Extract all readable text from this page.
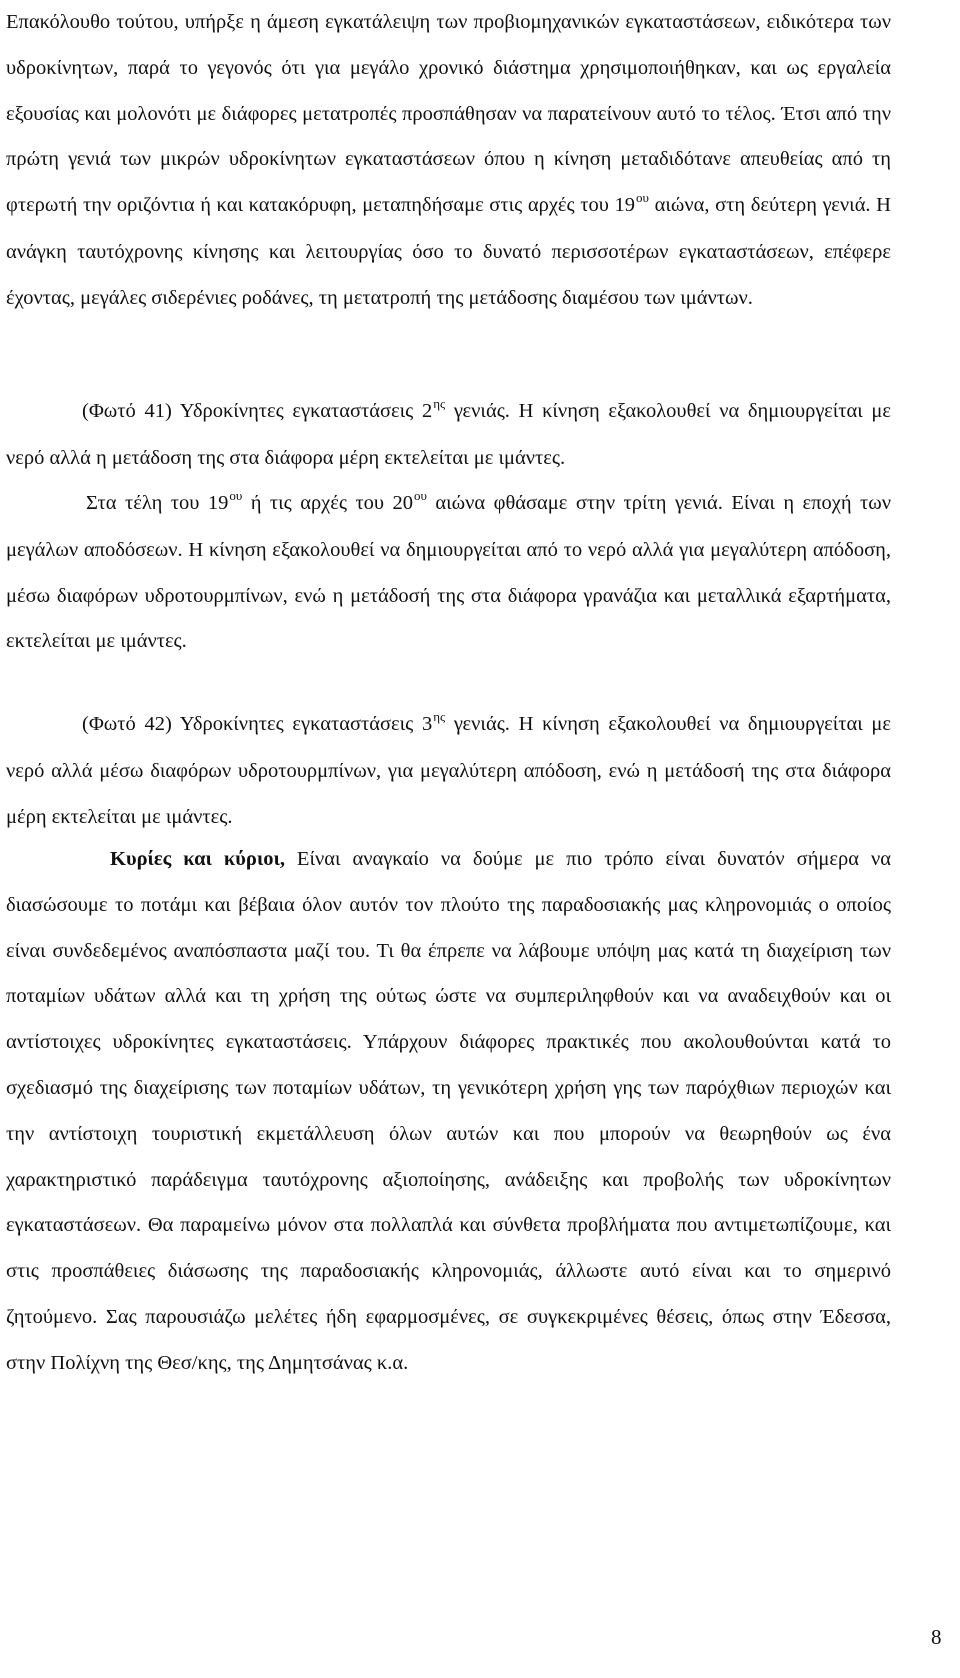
Επακόλουθο τούτου, υπήρξε η άμεση εγκατάλειψη των προβιομηχανικών εγκαταστάσεων, ειδικότερα των υδροκίνητων, παρά το γεγονός ότι για μεγάλο χρονικό διάστημα χρησιμοποιήθηκαν, και ως εργαλεία εξουσίας και μολονότι με διάφορες μετατροπές προσπάθησαν να παρατείνουν αυτό το τέλος. Έτσι από την πρώτη γενιά των μικρών υδροκίνητων εγκαταστάσεων όπου η κίνηση μεταδιδότανε απευθείας από τη φτερωτή την οριζόντια ή και κατακόρυφη, μεταπηδήσαμε στις αρχές του $19^{o\upsilon}$ αιώνα, στη δεύτερη γενιά. Η ανάγκη ταυτόχρονης κίνησης και λειτουργίας όσο το δυνατό περισσοτέρων εγκαταστάσεων, επέφερε έχοντας, μεγάλες σιδερένιες ροδάνες, τη μετατροπή της μετάδοσης διαμέσου των ιμάντων.

(Φωτό 41) Υδροκίνητες εγκαταστάσεις $2^{\eta\varsigma}$ γενιάς. Η κίνηση εξακολουθεί να δημιουργείται με νερό αλλά η μετάδοση της στα διάφορα μέρη εκτελείται με ιμάντες.

Στα τέλη του $19^{o\upsilon}$ ή τις αρχές του $20^{o\upsilon}$ αιώνα φθάσαμε στην τρίτη γενιά. Είναι η εποχή των μεγάλων αποδόσεων. Η κίνηση εξακολουθεί να δημιουργείται από το νερό αλλά για μεγαλύτερη απόδοση, μέσω διαφόρων υδροτουρμπίνων, ενώ η μετάδοσή της στα διάφορα γρανάζια και μεταλλικά εξαρτήματα, εκτελείται με ιμάντες.

(Φωτό 42) Υδροκίνητες εγκαταστάσεις $3^{\eta\varsigma}$ γενιάς. Η κίνηση εξακολουθεί να δημιουργείται με νερό αλλά μέσω διαφόρων υδροτουρμπίνων, για μεγαλύτερη απόδοση, ενώ η μετάδοσή της στα διάφορα μέρη εκτελείται με ιμάντες.

Κυρίες και κύριοι, Είναι αναγκαίο να δούμε με πιο τρόπο είναι δυνατόν σήμερα να διασώσουμε το ποτάμι και βέβαια όλον αυτόν τον πλούτο της παραδοσιακής μας κληρονομιάς ο οποίος είναι συνδεδεμένος αναπόσπαστα μαζί του. Τι θα έπρεπε να λάβουμε υπόψη μας κατά τη διαχείριση των ποταμίων υδάτων αλλά και τη χρήση της ούτως ώστε να συμπεριληφθούν και να αναδειχθούν και οι αντίστοιχες υδροκίνητες εγκαταστάσεις. Υπάρχουν διάφορες πρακτικές που ακολουθούνται κατά το σχεδιασμό της διαχείρισης των ποταμίων υδάτων, τη γενικότερη χρήση γης των παρόχθιων περιοχών και την αντίστοιχη τουριστική εκμετάλλευση όλων αυτών και που μπορούν να θεωρηθούν ως ένα χαρακτηριστικό παράδειγμα ταυτόχρονης αξιοποίησης, ανάδειξης και προβολής των υδροκίνητων εγκαταστάσεων. Θα παραμείνω μόνον στα πολλαπλά και σύνθετα προβλήματα που αντιμετωπίζουμε, και στις προσπάθειες διάσωσης της παραδοσιακής κληρονομιάς, άλλωστε αυτό είναι και το σημερινό ζητούμενο. Σας παρουσιάζω μελέτες ήδη εφαρμοσμένες, σε συγκεκριμένες θέσεις, όπως στην Έδεσσα, στην Πολίχνη της Θεσ/κης, της Δημητσάνας κ.α.

8
